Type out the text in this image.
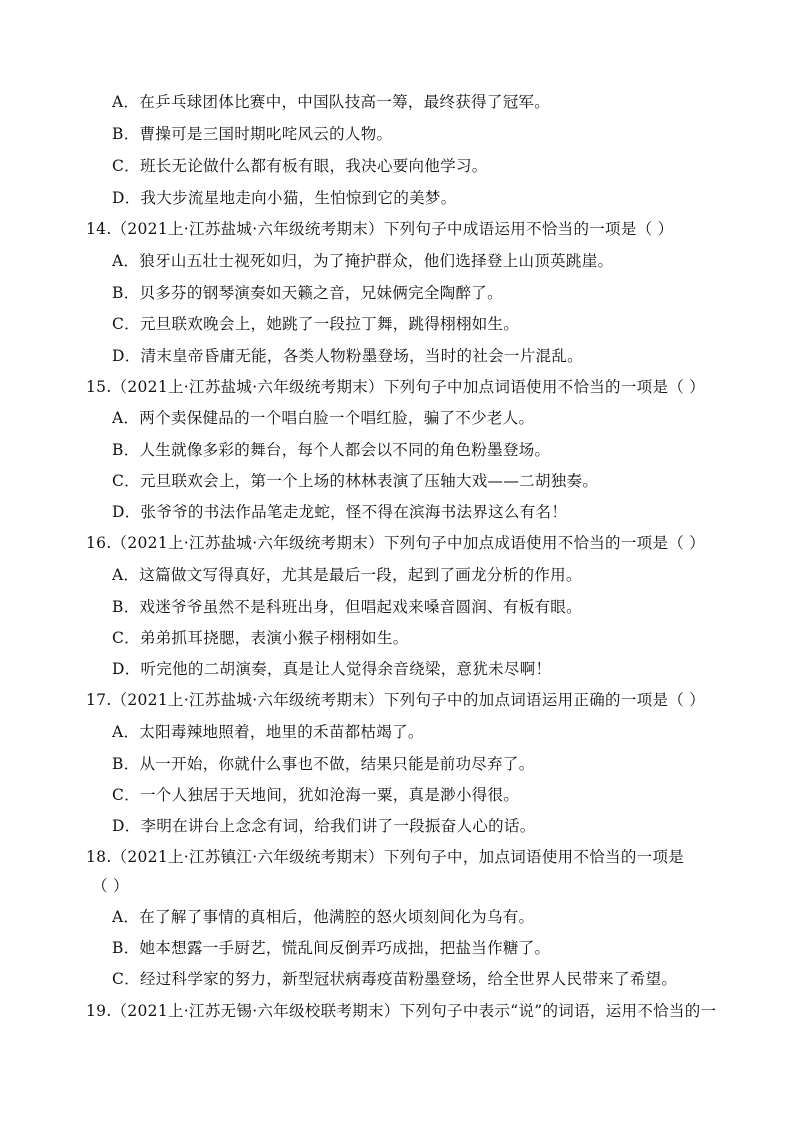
A．在乒乓球团体比赛中，中国队技高一筹，最终获得了冠军。
B．曹操可是三国时期叱咤风云的人物。
C．班长无论做什么都有板有眼，我决心要向他学习。
D．我大步流星地走向小猫，生怕惊到它的美梦。
14.（2021上·江苏盐城·六年级统考期末）下列句子中成语运用不恰当的一项是（ ）
A．狼牙山五壮士视死如归，为了掩护群众，他们选择登上山顶英跳崖。
B．贝多芬的钢琴演奏如天籁之音，兄妹俩完全陶醉了。
C．元旦联欢晚会上，她跳了一段拉丁舞，跳得栩栩如生。
D．清末皇帝昏庸无能，各类人物粉墨登场，当时的社会一片混乱。
15.（2021上·江苏盐城·六年级统考期末）下列句子中加点词语使用不恰当的一项是（ ）
A．两个卖保健品的一个唱白脸一个唱红脸，骗了不少老人。
B．人生就像多彩的舞台，每个人都会以不同的角色粉墨登场。
C．元旦联欢会上，第一个上场的林林表演了压轴大戏——二胡独奏。
D．张爷爷的书法作品笔走龙蛇，怪不得在滨海书法界这么有名！
16.（2021上·江苏盐城·六年级统考期末）下列句子中加点成语使用不恰当的一项是（ ）
A．这篇做文写得真好，尤其是最后一段，起到了画龙分析的作用。
B．戏迷爷爷虽然不是科班出身，但唱起戏来嗓音圆润、有板有眼。
C．弟弟抓耳挠腮，表演小猴子栩栩如生。
D．听完他的二胡演奏，真是让人觉得余音绕梁，意犹未尽啊！
17.（2021上·江苏盐城·六年级统考期末）下列句子中的加点词语运用正确的一项是（ ）
A．太阳毒辣地照着，地里的禾苗都枯竭了。
B．从一开始，你就什么事也不做，结果只能是前功尽弃了。
C．一个人独居于天地间，犹如沧海一粟，真是渺小得很。
D．李明在讲台上念念有词，给我们讲了一段振奋人心的话。
18.（2021上·江苏镇江·六年级统考期末）下列句子中，加点词语使用不恰当的一项是
（ ）
A．在了解了事情的真相后，他满腔的怒火顷刻间化为乌有。
B．她本想露一手厨艺，慌乱间反倒弄巧成拙，把盐当作糖了。
C．经过科学家的努力，新型冠状病毒疫苗粉墨登场，给全世界人民带来了希望。
19.（2021上·江苏无锡·六年级校联考期末）下列句子中表示“说”的词语，运用不恰当的一
